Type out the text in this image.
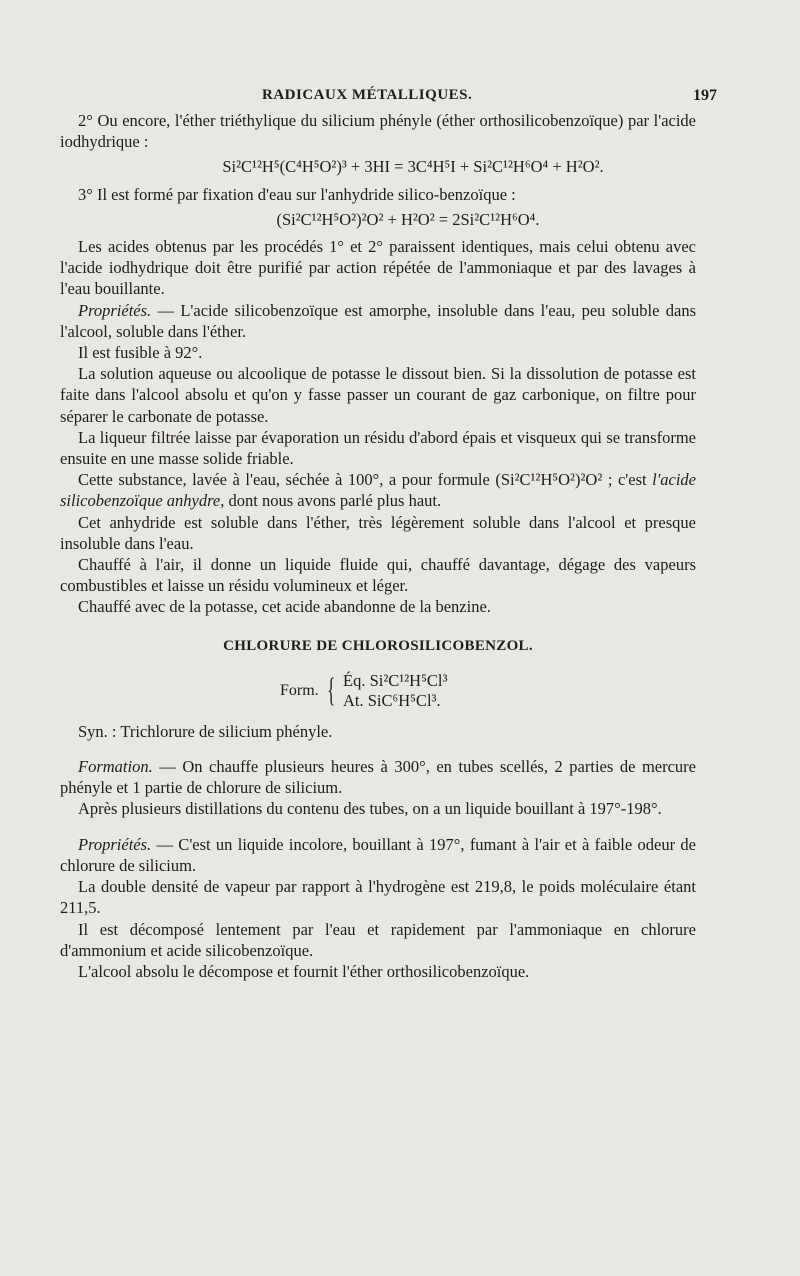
RADICAUX MÉTALLIQUES.	197

2° Ou encore, l'éther triéthylique du silicium phényle (éther orthosilicobenzoïque) par l'acide iodhydrique :

Si²C¹²H⁵(C⁴H⁵O²)³ + 3HI = 3C⁴H⁵I + Si²C¹²H⁶O⁴ + H²O².

3° Il est formé par fixation d'eau sur l'anhydride silico-benzoïque :

(Si²C¹²H⁵O²)²O² + H²O² = 2Si²C¹²H⁶O⁴.

Les acides obtenus par les procédés 1° et 2° paraissent identiques, mais celui obtenu avec l'acide iodhydrique doit être purifié par action répétée de l'ammoniaque et par des lavages à l'eau bouillante.

Propriétés. — L'acide silicobenzoïque est amorphe, insoluble dans l'eau, peu soluble dans l'alcool, soluble dans l'éther.

Il est fusible à 92°.

La solution aqueuse ou alcoolique de potasse le dissout bien. Si la dissolution de potasse est faite dans l'alcool absolu et qu'on y fasse passer un courant de gaz carbonique, on filtre pour séparer le carbonate de potasse.

La liqueur filtrée laisse par évaporation un résidu d'abord épais et visqueux qui se transforme ensuite en une masse solide friable.

Cette substance, lavée à l'eau, séchée à 100°, a pour formule (Si²C¹²H⁵O²)²O² ; c'est l'acide silicobenzoïque anhydre, dont nous avons parlé plus haut.

Cet anhydride est soluble dans l'éther, très légèrement soluble dans l'alcool et presque insoluble dans l'eau.

Chauffé à l'air, il donne un liquide fluide qui, chauffé davantage, dégage des vapeurs combustibles et laisse un résidu volumineux et léger.

Chauffé avec de la potasse, cet acide abandonne de la benzine.

CHLORURE DE CHLOROSILICOBENZOL.

Form. { Éq. Si²C¹²H⁵Cl³
At. SiC⁶H⁵Cl³.

Syn. : Trichlorure de silicium phényle.

Formation. — On chauffe plusieurs heures à 300°, en tubes scellés, 2 parties de mercure phényle et 1 partie de chlorure de silicium.

Après plusieurs distillations du contenu des tubes, on a un liquide bouillant à 197°-198°.

Propriétés. — C'est un liquide incolore, bouillant à 197°, fumant à l'air et à faible odeur de chlorure de silicium.

La double densité de vapeur par rapport à l'hydrogène est 219,8, le poids moléculaire étant 211,5.

Il est décomposé lentement par l'eau et rapidement par l'ammoniaque en chlorure d'ammonium et acide silicobenzoïque.

L'alcool absolu le décompose et fournit l'éther orthosilicobenzoïque.
